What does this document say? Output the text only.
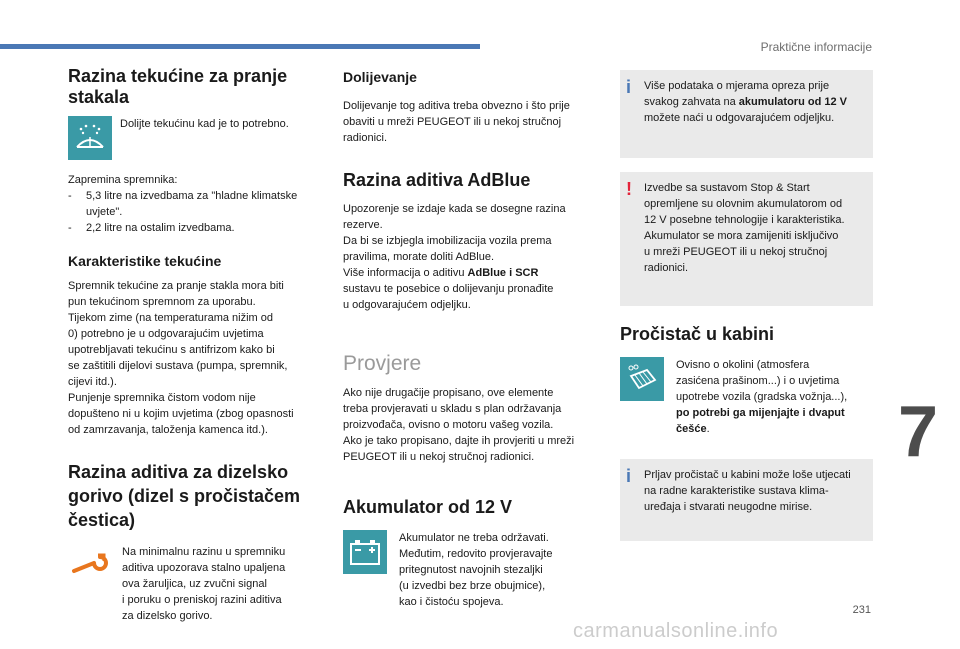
Praktične informacije
7
231
carmanualsonline.info
Razina tekućine za pranje
stakala

Dolijte tekućinu kad je to potrebno.

Zapremina spremnika:

-	5,3 litre na izvedbama za "hladne klimatske
uvjete".
-	2,2 litre na ostalim izvedbama.
Karakteristike tekućine
Spremnik tekućine za pranje stakla mora biti
pun tekućinom spremnom za uporabu.
Tijekom zime (na temperaturama nižim od
0) potrebno je u odgovarajućim uvjetima
upotrebljavati tekućinu s antifrizom kako bi
se zaštitili dijelovi sustava (pumpa, spremnik,
cijevi itd.).
Punjenje spremnika čistom vodom nije
dopušteno ni u kojim uvjetima (zbog opasnosti
od zamrzavanja, taloženja kamenca itd.).
Razina aditiva za dizelsko
gorivo (dizel s pročistačem
čestica)
Na minimalnu razinu u spremniku
aditiva upozorava stalno upaljena
ova žaruljica, uz zvučni signal
i poruku o preniskoj razini aditiva
za dizelsko gorivo.
Dolijevanje
Dolijevanje tog aditiva treba obvezno i što prije
obaviti u mreži PEUGEOT ili u nekoj stručnoj
radionici.
Razina aditiva AdBlue
Upozorenje se izdaje kada se dosegne razina
rezerve.
Da bi se izbjegla imobilizacija vozila prema
pravilima, morate doliti AdBlue.
Više informacija o aditivu AdBlue i SCR
sustavu te posebice o dolijevanju pronađite
u odgovarajućem odjeljku.
Provjere
Ako nije drugačije propisano, ove elemente
treba provjeravati u skladu s plan održavanja
proizvođača, ovisno o motoru vašeg vozila.
Ako je tako propisano, dajte ih provjeriti u mreži
PEUGEOT ili u nekoj stručnoj radionici.
Akumulator od 12 V
Akumulator ne treba održavati.
Međutim, redovito provjeravajte
pritegnutost navojnih stezaljki
(u izvedbi bez brze obujmice),
kao i čistoću spojeva.
i Više podataka o mjerama opreza prije
svakog zahvata na akumulatoru od 12 V
možete naći u odgovarajućem odjeljku.
! Izvedbe sa sustavom Stop & Start
opremljene su olovnim akumulatorom od
12 V posebne tehnologije i karakteristika.
Akumulator se mora zamijeniti isključivo
u mreži PEUGEOT ili u nekoj stručnoj
radionici.
Pročistač u kabini
Ovisno o okolini (atmosfera
zasićena prašinom...) i o uvjetima
upotrebe vozila (gradska vožnja...),
po potrebi ga mijenjajte i dvaput
češće.
i Prljav pročistač u kabini može loše utjecati
na radne karakteristike sustava klima-
uređaja i stvarati neugodne mirise.
